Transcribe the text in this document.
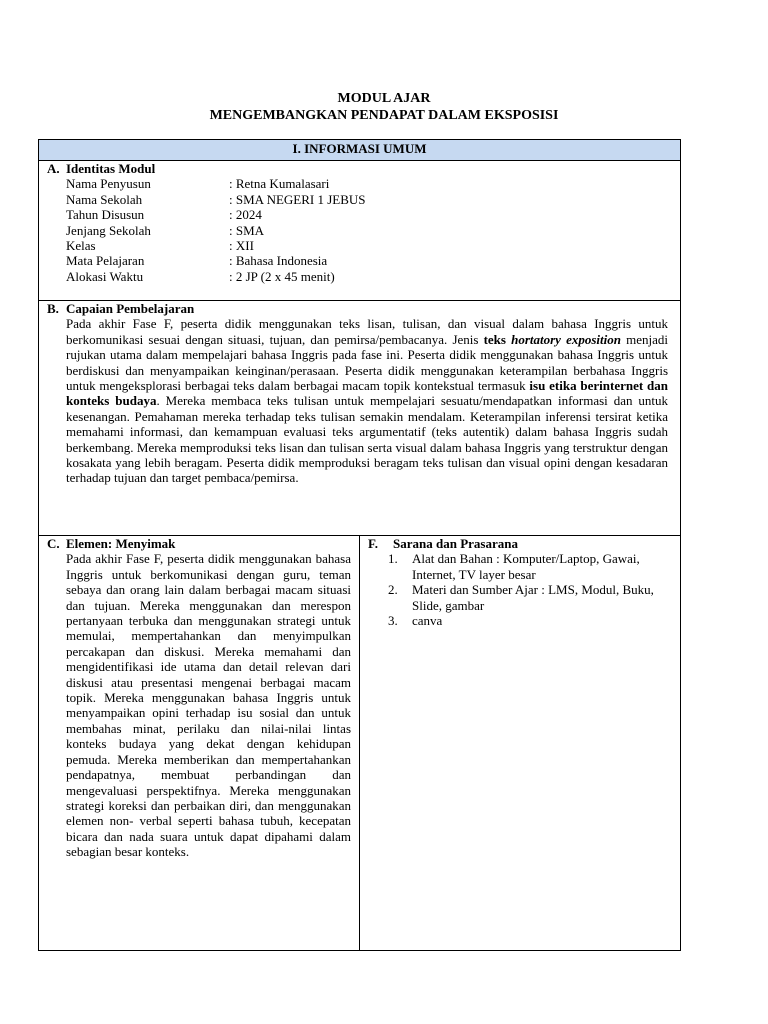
MODUL AJAR
MENGEMBANGKAN PENDAPAT DALAM EKSPOSISI
I. INFORMASI UMUM
A. Identitas Modul
Nama Penyusun	: Retna Kumalasari
Nama Sekolah	: SMA NEGERI 1 JEBUS
Tahun Disusun	: 2024
Jenjang Sekolah	: SMA
Kelas	: XII
Mata Pelajaran	: Bahasa Indonesia
Alokasi Waktu	: 2 JP (2 x 45 menit)
B. Capaian Pembelajaran
Pada akhir Fase F, peserta didik menggunakan teks lisan, tulisan, dan visual dalam bahasa Inggris untuk berkomunikasi sesuai dengan situasi, tujuan, dan pemirsa/pembacanya. Jenis teks hortatory exposition menjadi rujukan utama dalam mempelajari bahasa Inggris pada fase ini. Peserta didik menggunakan bahasa Inggris untuk berdiskusi dan menyampaikan keinginan/perasaan. Peserta didik menggunakan keterampilan berbahasa Inggris untuk mengeksplorasi berbagai teks dalam berbagai macam topik kontekstual termasuk isu etika berinternet dan konteks budaya. Mereka membaca teks tulisan untuk mempelajari sesuatu/mendapatkan informasi dan untuk kesenangan. Pemahaman mereka terhadap teks tulisan semakin mendalam. Keterampilan inferensi tersirat ketika memahami informasi, dan kemampuan evaluasi teks argumentatif (teks autentik) dalam bahasa Inggris sudah berkembang. Mereka memproduksi teks lisan dan tulisan serta visual dalam bahasa Inggris yang terstruktur dengan kosakata yang lebih beragam. Peserta didik memproduksi beragam teks tulisan dan visual opini dengan kesadaran terhadap tujuan dan target pembaca/pemirsa.
C. Elemen: Menyimak
Pada akhir Fase F, peserta didik menggunakan bahasa Inggris untuk berkomunikasi dengan guru, teman sebaya dan orang lain dalam berbagai macam situasi dan tujuan. Mereka menggunakan dan merespon pertanyaan terbuka dan menggunakan strategi untuk memulai, mempertahankan dan menyimpulkan percakapan dan diskusi. Mereka memahami dan mengidentifikasi ide utama dan detail relevan dari diskusi atau presentasi mengenai berbagai macam topik. Mereka menggunakan bahasa Inggris untuk menyampaikan opini terhadap isu sosial dan untuk membahas minat, perilaku dan nilai-nilai lintas konteks budaya yang dekat dengan kehidupan pemuda. Mereka memberikan dan mempertahankan pendapatnya, membuat perbandingan dan mengevaluasi perspektifnya. Mereka menggunakan strategi koreksi dan perbaikan diri, dan menggunakan elemen non- verbal seperti bahasa tubuh, kecepatan bicara dan nada suara untuk dapat dipahami dalam sebagian besar konteks.
F.	Sarana dan Prasarana
1.	Alat dan Bahan : Komputer/Laptop, Gawai, Internet, TV layer besar
2.	Materi dan Sumber Ajar : LMS, Modul, Buku, Slide, gambar
3.	canva
